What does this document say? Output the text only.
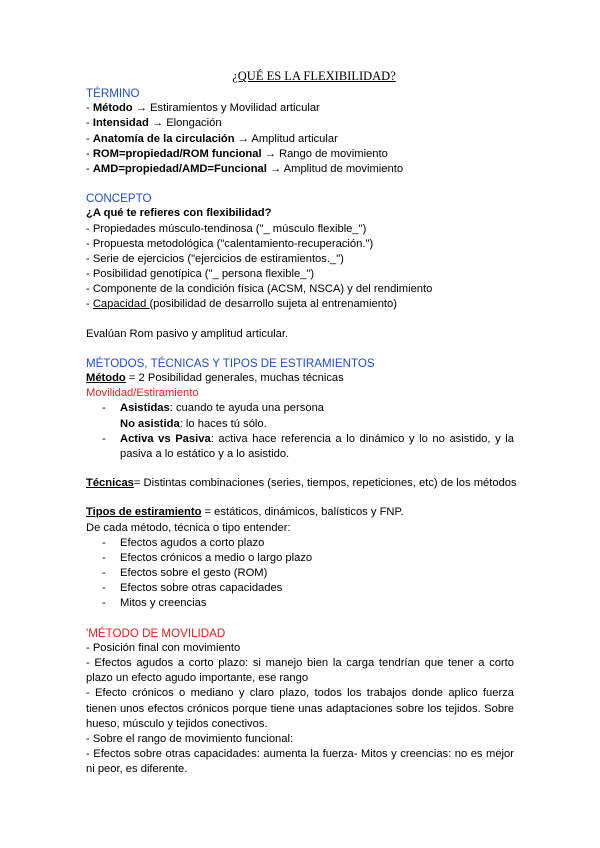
¿QUÉ ES LA FLEXIBILIDAD?
TÉRMINO
- Método → Estiramientos y Movilidad articular
- Intensidad → Elongación
- Anatomía de la circulación → Amplitud articular
- ROM=propiedad/ROM funcional → Rango de movimiento
- AMD=propiedad/AMD=Funcional → Amplitud de movimiento
CONCEPTO
¿A qué te refieres con flexibilidad?
- Propiedades músculo-tendinosa ("_ músculo flexible_")
- Propuesta metodológica ("calentamiento-recuperación.")
- Serie de ejercicios ("ejercicios de estiramientos._")
- Posibilidad genotípica ("_ persona flexible_")
- Componente de la condición física (ACSM, NSCA) y del rendimiento
- Capacidad (posibilidad de desarrollo sujeta al entrenamiento)
Evalúan Rom pasivo y amplitud articular.
MÉTODOS, TÉCNICAS Y TIPOS DE ESTIRAMIENTOS
Método = 2 Posibilidad generales, muchas técnicas
Movilidad/Estiramiento
- Asistidas: cuando te ayuda una persona
No asistida: lo haces tú sólo.
- Activa vs Pasiva: activa hace referencia a lo dinámico y lo no asistido, y la pasiva a lo estático y a lo asistido.
Técnicas= Distintas combinaciones (series, tiempos, repeticiones, etc) de los métodos
Tipos de estiramiento = estáticos, dinámicos, balísticos y FNP.
De cada método, técnica o tipo entender:
- Efectos agudos a corto plazo
- Efectos crónicos a medio o largo plazo
- Efectos sobre el gesto (ROM)
- Efectos sobre otras capacidades
- Mitos y creencias
'MÉTODO DE MOVILIDAD
- Posición final con movimiento
- Efectos agudos a corto plazo: si manejo bien la carga tendrían que tener a corto plazo un efecto agudo importante, ese rango
- Efecto crónicos o mediano y claro plazo, todos los trabajos donde aplico fuerza tienen unos efectos crónicos porque tiene unas adaptaciones sobre los tejidos. Sobre hueso, músculo y tejidos conectivos.
- Sobre el rango de movimiento funcional:
- Efectos sobre otras capacidades: aumenta la fuerza- Mitos y creencias: no es mejor ni peor, es diferente.
